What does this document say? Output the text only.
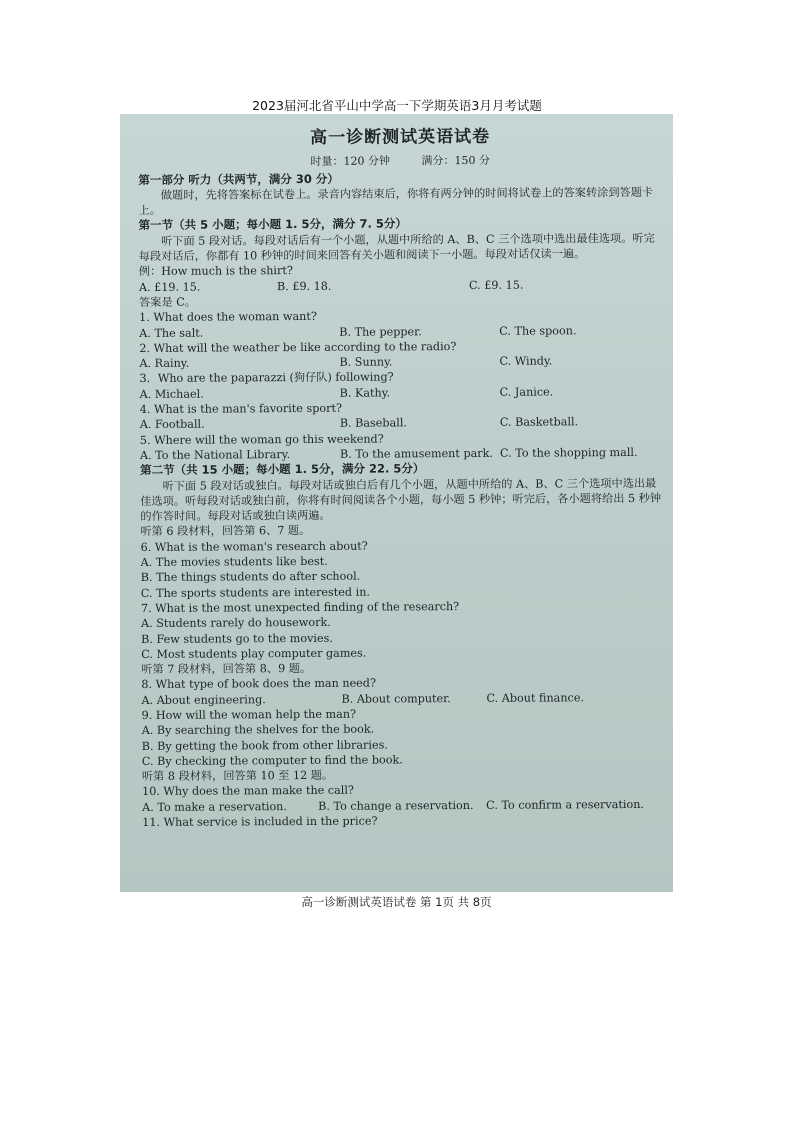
2023届河北省平山中学高一下学期英语3月月考试题
高一诊断测试英语试卷
时量：120 分钟	满分：150 分
第一部分 听力（共两节，满分 30 分）
做题时，先将答案标在试卷上。录音内容结束后，你将有两分钟的时间将试卷上的答案转涂到答题卡上。
第一节（共 5 小题；每小题 1. 5分，满分 7. 5分）
听下面 5 段对话。每段对话后有一个小题，从题中所给的 A、B、C 三个选项中选出最佳选项。听完每段对话后，你都有 10 秒钟的时间来回答有关小题和阅读下一小题。每段对话仅读一遍。
例：How much is the shirt?
A. £19. 15.	B. £9. 18.	C. £9. 15.
答案是 C。
1. What does the woman want?
A. The salt.	B. The pepper.	C. The spoon.
2. What will the weather be like according to the radio?
A. Rainy.	B. Sunny.	C. Windy.
3．Who are the paparazzi (狗仔队) following?
A. Michael.	B. Kathy.	C. Janice.
4. What is the man's favorite sport?
A. Football.	B. Baseball.	C. Basketball.
5. Where will the woman go this weekend?
A. To the National Library.	B. To the amusement park. C. To the shopping mall.
第二节（共 15 小题；每小题 1. 5分，满分 22. 5分）
听下面 5 段对话或独白。每段对话或独白后有几个小题，从题中所给的 A、B、C 三个选项中选出最佳选项。听每段对话或独白前，你将有时间阅读各个小题，每小题 5 秒钟；听完后，各小题将给出 5 秒钟的作答时间。每段对话或独白读两遍。
听第 6 段材料，回答第 6、7 题。
6. What is the woman's research about?
A. The movies students like best.
B. The things students do after school.
C. The sports students are interested in.
7. What is the most unexpected finding of the research?
A. Students rarely do housework.
B. Few students go to the movies.
C. Most students play computer games.
听第 7 段材料，回答第 8、9 题。
8. What type of book does the man need?
A. About engineering.	B. About computer.	C. About finance.
9. How will the woman help the man?
A. By searching the shelves for the book.
B. By getting the book from other libraries.
C. By checking the computer to find the book.
听第 8 段材料，回答第 10 至 12 题。
10. Why does the man make the call?
A. To make a reservation.	B. To change a reservation.	C. To confirm a reservation.
11. What service is included in the price?
高一诊断测试英语试卷 第 1页 共 8页
